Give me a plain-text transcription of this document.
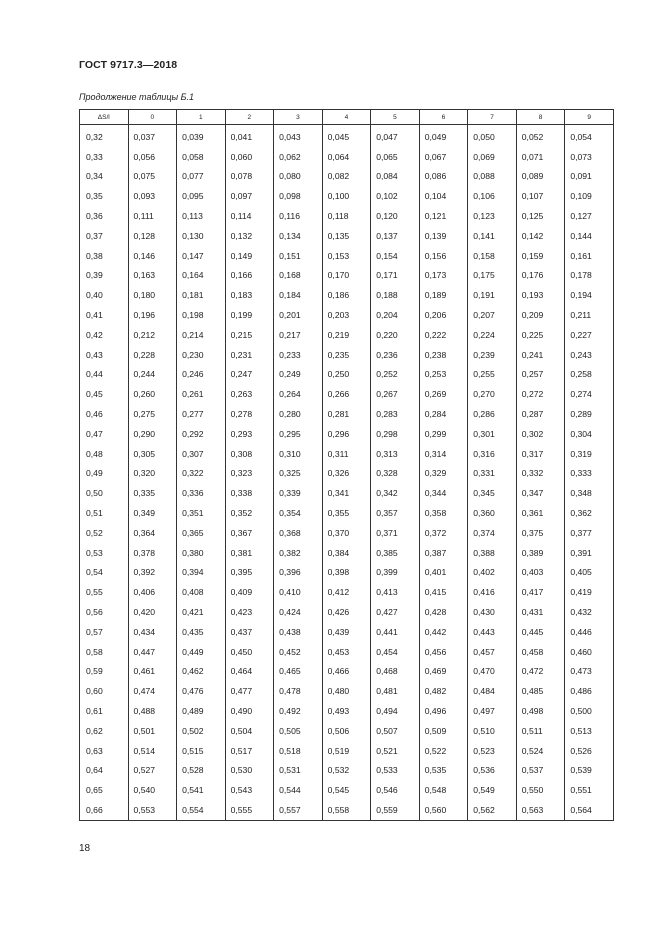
ГОСТ 9717.3—2018
Продолжение таблицы Б.1
ΔS/l	0	1	2	3	4	5	6	7	8	9
0,32	0,037	0,039	0,041	0,043	0,045	0,047	0,049	0,050	0,052	0,054
0,33	0,056	0,058	0,060	0,062	0,064	0,065	0,067	0,069	0,071	0,073
0,34	0,075	0,077	0,078	0,080	0,082	0,084	0,086	0,088	0,089	0,091
0,35	0,093	0,095	0,097	0,098	0,100	0,102	0,104	0,106	0,107	0,109
0,36	0,111	0,113	0,114	0,116	0,118	0,120	0,121	0,123	0,125	0,127
0,37	0,128	0,130	0,132	0,134	0,135	0,137	0,139	0,141	0,142	0,144
0,38	0,146	0,147	0,149	0,151	0,153	0,154	0,156	0,158	0,159	0,161
0,39	0,163	0,164	0,166	0,168	0,170	0,171	0,173	0,175	0,176	0,178
0,40	0,180	0,181	0,183	0,184	0,186	0,188	0,189	0,191	0,193	0,194
0,41	0,196	0,198	0,199	0,201	0,203	0,204	0,206	0,207	0,209	0,211
0,42	0,212	0,214	0,215	0,217	0,219	0,220	0,222	0,224	0,225	0,227
0,43	0,228	0,230	0,231	0,233	0,235	0,236	0,238	0,239	0,241	0,243
0,44	0,244	0,246	0,247	0,249	0,250	0,252	0,253	0,255	0,257	0,258
0,45	0,260	0,261	0,263	0,264	0,266	0,267	0,269	0,270	0,272	0,274
0,46	0,275	0,277	0,278	0,280	0,281	0,283	0,284	0,286	0,287	0,289
0,47	0,290	0,292	0,293	0,295	0,296	0,298	0,299	0,301	0,302	0,304
0,48	0,305	0,307	0,308	0,310	0,311	0,313	0,314	0,316	0,317	0,319
0,49	0,320	0,322	0,323	0,325	0,326	0,328	0,329	0,331	0,332	0,333
0,50	0,335	0,336	0,338	0,339	0,341	0,342	0,344	0,345	0,347	0,348
0,51	0,349	0,351	0,352	0,354	0,355	0,357	0,358	0,360	0,361	0,362
0,52	0,364	0,365	0,367	0,368	0,370	0,371	0,372	0,374	0,375	0,377
0,53	0,378	0,380	0,381	0,382	0,384	0,385	0,387	0,388	0,389	0,391
0,54	0,392	0,394	0,395	0,396	0,398	0,399	0,401	0,402	0,403	0,405
0,55	0,406	0,408	0,409	0,410	0,412	0,413	0,415	0,416	0,417	0,419
0,56	0,420	0,421	0,423	0,424	0,426	0,427	0,428	0,430	0,431	0,432
0,57	0,434	0,435	0,437	0,438	0,439	0,441	0,442	0,443	0,445	0,446
0,58	0,447	0,449	0,450	0,452	0,453	0,454	0,456	0,457	0,458	0,460
0,59	0,461	0,462	0,464	0,465	0,466	0,468	0,469	0,470	0,472	0,473
0,60	0,474	0,476	0,477	0,478	0,480	0,481	0,482	0,484	0,485	0,486
0,61	0,488	0,489	0,490	0,492	0,493	0,494	0,496	0,497	0,498	0,500
0,62	0,501	0,502	0,504	0,505	0,506	0,507	0,509	0,510	0,511	0,513
0,63	0,514	0,515	0,517	0,518	0,519	0,521	0,522	0,523	0,524	0,526
0,64	0,527	0,528	0,530	0,531	0,532	0,533	0,535	0,536	0,537	0,539
0,65	0,540	0,541	0,543	0,544	0,545	0,546	0,548	0,549	0,550	0,551
0,66	0,553	0,554	0,555	0,557	0,558	0,559	0,560	0,562	0,563	0,564
18
